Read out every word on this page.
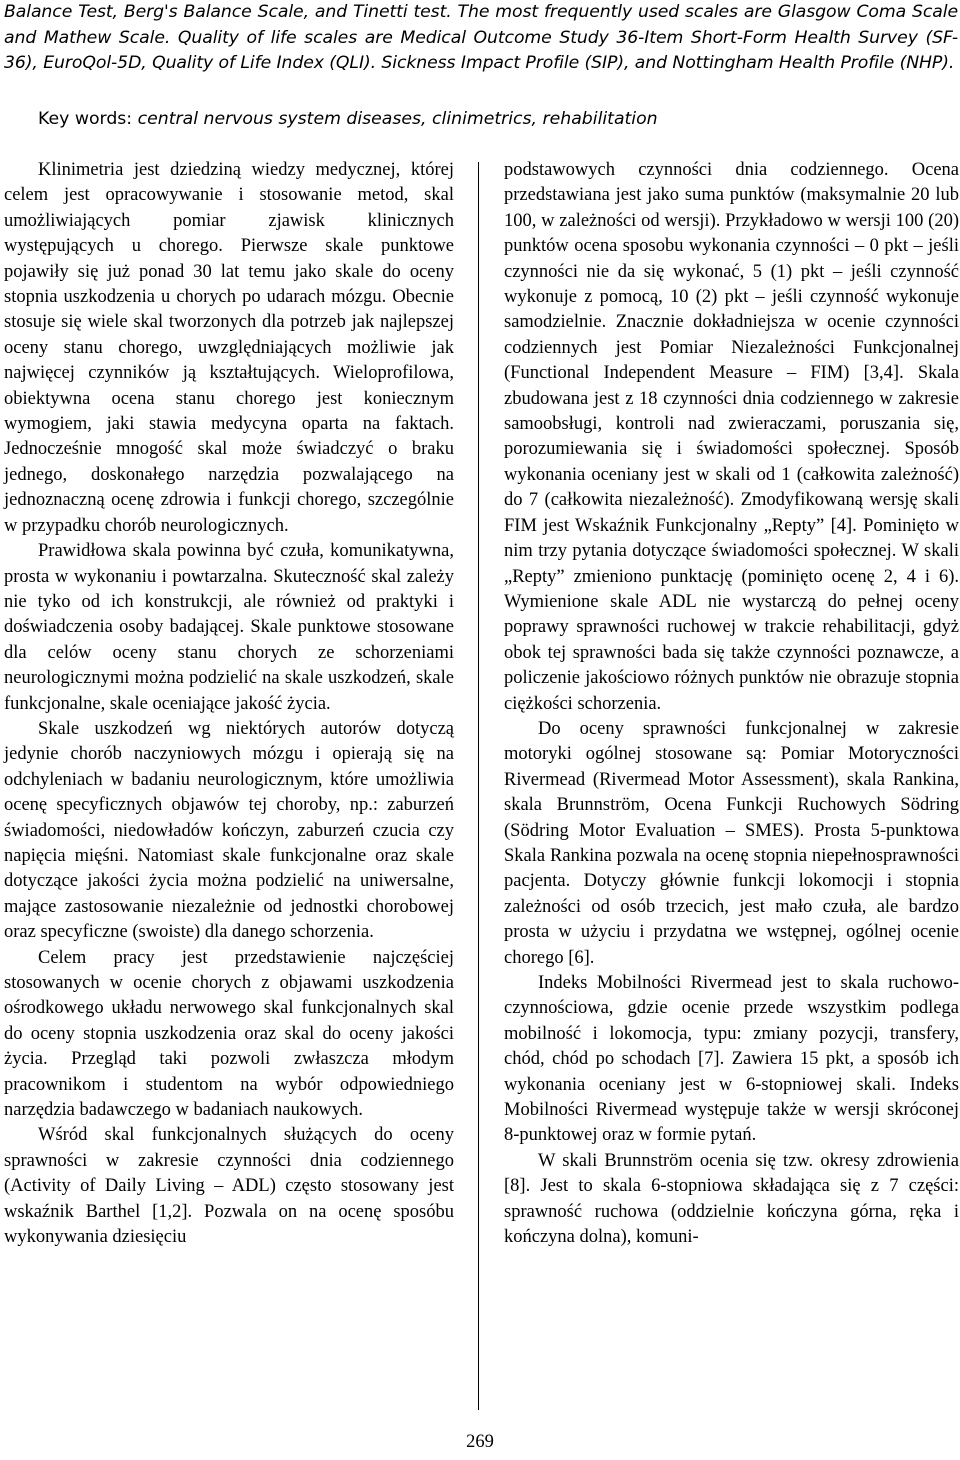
Balance Test, Berg's Balance Scale, and Tinetti test. The most frequently used scales are Glasgow Coma Scale and Mathew Scale. Quality of life scales are Medical Outcome Study 36-Item Short-Form Health Survey (SF-36), EuroQol-5D, Quality of Life Index (QLI). Sickness Impact Profile (SIP), and Nottingham Health Profile (NHP).
Key words: central nervous system diseases, clinimetrics, rehabilitation

Klinimetria jest dziedziną wiedzy medycznej, której celem jest opracowywanie i stosowanie metod, skal umożliwiających pomiar zjawisk klinicznych występujących u chorego. Pierwsze skale punktowe pojawiły się już ponad 30 lat temu jako skale do oceny stopnia uszkodzenia u chorych po udarach mózgu. Obecnie stosuje się wiele skal tworzonych dla potrzeb jak najlepszej oceny stanu chorego, uwzględniających możliwie jak najwięcej czynników ją kształtujących. Wieloprofilowa, obiektywna ocena stanu chorego jest koniecznym wymogiem, jaki stawia medycyna oparta na faktach. Jednocześnie mnogość skal może świadczyć o braku jednego, doskonałego narzędzia pozwalającego na jednoznaczną ocenę zdrowia i funkcji chorego, szczególnie w przypadku chorób neurologicznych.

Prawidłowa skala powinna być czuła, komunikatywna, prosta w wykonaniu i powtarzalna. Skuteczność skal zależy nie tyko od ich konstrukcji, ale również od praktyki i doświadczenia osoby badającej. Skale punktowe stosowane dla celów oceny stanu chorych ze schorzeniami neurologicznymi można podzielić na skale uszkodzeń, skale funkcjonalne, skale oceniające jakość życia.

Skale uszkodzeń wg niektórych autorów dotyczą jedynie chorób naczyniowych mózgu i opierają się na odchyleniach w badaniu neurologicznym, które umożliwia ocenę specyficznych objawów tej choroby, np.: zaburzeń świadomości, niedowładów kończyn, zaburzeń czucia czy napięcia mięśni. Natomiast skale funkcjonalne oraz skale dotyczące jakości życia można podzielić na uniwersalne, mające zastosowanie niezależnie od jednostki chorobowej oraz specyficzne (swoiste) dla danego schorzenia.

Celem pracy jest przedstawienie najczęściej stosowanych w ocenie chorych z objawami uszkodzenia ośrodkowego układu nerwowego skal funkcjonalnych skal do oceny stopnia uszkodzenia oraz skal do oceny jakości życia. Przegląd taki pozwoli zwłaszcza młodym pracownikom i studentom na wybór odpowiedniego narzędzia badawczego w badaniach naukowych.

Wśród skal funkcjonalnych służących do oceny sprawności w zakresie czynności dnia codziennego (Activity of Daily Living – ADL) często stosowany jest wskaźnik Barthel [1,2]. Pozwala on na ocenę sposóbu wykonywania dziesięciu

podstawowych czynności dnia codziennego. Ocena przedstawiana jest jako suma punktów (maksymalnie 20 lub 100, w zależności od wersji). Przykładowo w wersji 100 (20) punktów ocena sposobu wykonania czynności – 0 pkt – jeśli czynności nie da się wykonać, 5 (1) pkt – jeśli czynność wykonuje z pomocą, 10 (2) pkt – jeśli czynność wykonuje samodzielnie. Znacznie dokładniejsza w ocenie czynności codziennych jest Pomiar Niezależności Funkcjonalnej (Functional Independent Measure – FIM) [3,4]. Skala zbudowana jest z 18 czynności dnia codziennego w zakresie samoobsługi, kontroli nad zwieraczami, poruszania się, porozumiewania się i świadomości społecznej. Sposób wykonania oceniany jest w skali od 1 (całkowita zależność) do 7 (całkowita niezależność). Zmodyfikowaną wersję skali FIM jest Wskaźnik Funkcjonalny „Repty” [4]. Pominięto w nim trzy pytania dotyczące świadomości społecznej. W skali „Repty” zmieniono punktację (pominięto ocenę 2, 4 i 6). Wymienione skale ADL nie wystarczą do pełnej oceny poprawy sprawności ruchowej w trakcie rehabilitacji, gdyż obok tej sprawności bada się także czynności poznawcze, a policzenie jakościowo różnych punktów nie obrazuje stopnia ciężkości schorzenia.

Do oceny sprawności funkcjonalnej w zakresie motoryki ogólnej stosowane są: Pomiar Motoryczności Rivermead (Rivermead Motor Assessment), skala Rankina, skala Brunnström, Ocena Funkcji Ruchowych Södring (Södring Motor Evaluation – SMES). Prosta 5-punktowa Skala Rankina pozwala na ocenę stopnia niepełnosprawności pacjenta. Dotyczy głównie funkcji lokomocji i stopnia zależności od osób trzecich, jest mało czuła, ale bardzo prosta w użyciu i przydatna we wstępnej, ogólnej ocenie chorego [6].

Indeks Mobilności Rivermead jest to skala ruchowo-czynnościowa, gdzie ocenie przede wszystkim podlega mobilność i lokomocja, typu: zmiany pozycji, transfery, chód, chód po schodach [7]. Zawiera 15 pkt, a sposób ich wykonania oceniany jest w 6-stopniowej skali. Indeks Mobilności Rivermead występuje także w wersji skróconej 8-punktowej oraz w formie pytań.

W skali Brunnström ocenia się tzw. okresy zdrowienia [8]. Jest to skala 6-stopniowa składająca się z 7 części: sprawność ruchowa (oddzielnie kończyna górna, ręka i kończyna dolna), komuni-

269
